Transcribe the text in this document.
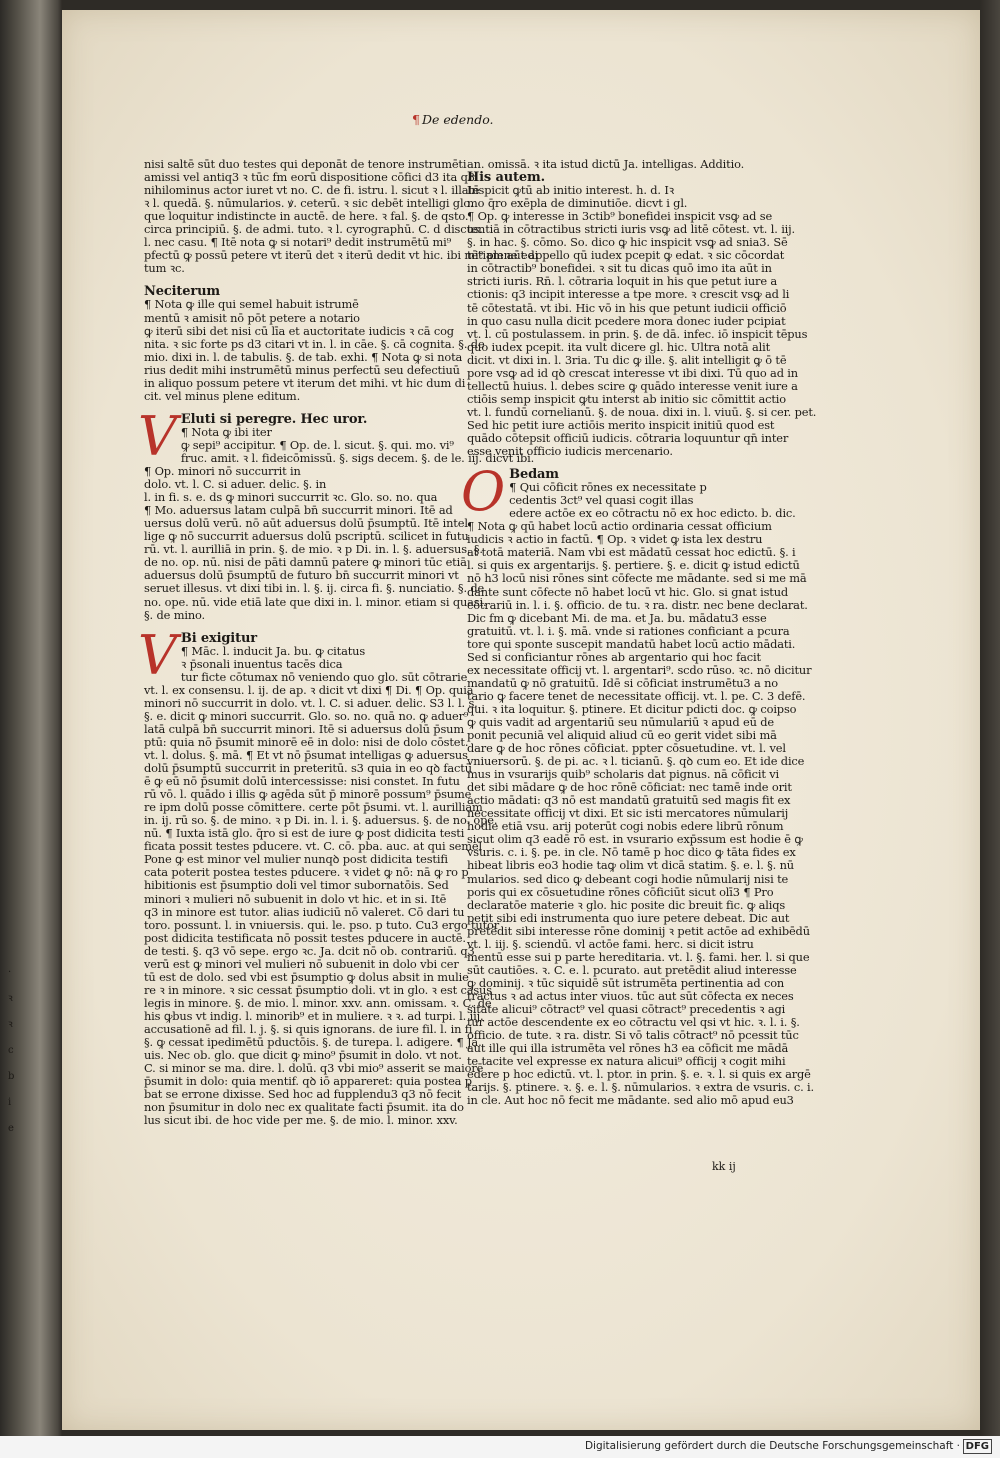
·
ꝛ
ꝛ
c
b
i
e
¶ De edendo.
nisi saltē sūt duo testes qui deponāt de tenore instrumēti
amissi vel antiq3 ꝛ tūc fm eorū dispositione cōfici d3 ita q3
nihilominus actor iuret vt no. C. de fi. istru. l. sicut ꝛ l. illatē
ꝛ l. quedā. §. nūmularios. ꝟ. ceterū. ꝛ sic debēt intelligi glo.
que loquitur indistincte in auctē. de here. ꝛ fal. §. de qsto.
circa principiū. §. de admi. tuto. ꝛ l. cyrographū. C. d discus.
l. nec casu. ¶ Itē nota ꝙ si notari⁹ dedit instrumētū mi⁹
pfectū ꝙ possū petere vt iterū det ꝛ iterū dedit vt hic. ibi mi⁹ plene edi
tum ꝛc.
Neciterum
¶ Nota ꝙ ille qui semel habuit istrumē
mentū ꝛ amisit nō pōt petere a notario
ꝙ iterū sibi det nisi cū līa et auctoritate iudicis ꝛ cā cog
nita. ꝛ sic forte ps d3 citari vt in. l. in cāe. §. cā cognita. §. de
mio. dixi in. l. de tabulis. §. de tab. exhi. ¶ Nota ꝙ si nota
rius dedit mihi instrumētū minus perfectū seu defectiuū
in aliquo possum petere vt iterum det mihi. vt hic dum di
cit. vel minus plene editum.
V Eluti si peregre. Hec uror.
¶ Nota ꝙ ibi iter
ꝙ sepi⁹ accipitur. ¶ Op. de. l. sicut. §. qui. mo. vi⁹
fruc. amit. ꝛ l. fideicōmissū. §. sigs decem. §. de le. iij. dicvt ibi.
¶ Op. minori nō succurrit in
dolo. vt. l. C. si aduer. delic. §. in
l. in fi. s. e. ds ꝙ minori succurrit ꝛc. Glo. so. no. qua
¶ Mo. aduersus latam culpā bn̄ succurrit minori. Itē ad
uersus dolū verū. nō aūt aduersus dolū p̄sumptū. Itē intel
lige ꝙ nō succurrit aduersus dolū pscriptū. scilicet in futu
rū. vt. l. aurilliā in prin. §. de mio. ꝛ p Di. in. l. §. aduersus. §.
de no. op. nū. nisi de pāti damnū patere ꝙ minori tūc etiā
aduersus dolū p̄sumptū de futuro bn̄ succurrit minori vt
seruet illesus. vt dixi tibi in. l. §. ij. circa fi. §. nunciatio. §. de
no. ope. nū. vide etiā late que dixi in. l. minor. etiam si quasi.
§. de mino.
V Bi exigitur
¶ Māc. l. inducit Ja. bu. ꝙ citatus
ꝛ p̄sonali inuentus tacēs dica
tur ficte cōtumax nō veniendo quo glo. sūt cōtrarie
vt. l. ex consensu. l. ij. de ap. ꝛ dicit vt dixi ¶ Di. ¶ Op. quia
minori nō succurrit in dolo. vt. l. C. si aduer. delic. S3 l. l. s.
§. e. dicit ꝙ minori succurrit. Glo. so. no. quā no. ꝙ aduer⁹
latā culpā bn̄ succurrit minori. Itē si aduersus dolū p̄sum
ptū: quia nō p̄sumit minorē eē in dolo: nisi de dolo cōstet.
vt. l. dolus. §. mā. ¶ Et vt nō p̄sumat intelligas ꝙ aduersus
dolū p̄sumptū succurrit in preteritū. s3 quia in eo qꝺ factū
ē ꝙ eū nō p̄sumit dolū intercessisse: nisi constet. In futu
rū vō. l. quādo i illis ꝙ agēda sūt p̄ minorē possum⁹ p̄sume
re ipm dolū posse cōmittere. certe pōt p̄sumi. vt. l. aurilliam
in. ij. rū so. §. de mino. ꝛ p Di. in. l. i. §. aduersus. §. de no. ope.
nū. ¶ Iuxta istā glo. q̄ro si est de iure ꝙ post didicita testi
ficata possit testes pducere. vt. C. cō. pba. auc. at qui semel
Pone ꝙ est minor vel mulier nunqꝺ post didicita testifi
cata poterit postea testes pducere. ꝛ videt ꝙ nō: nā ꝙ ro p
hibitionis est p̄sumptio doli vel timor subornatōis. Sed
minori ꝛ mulieri nō subuenit in dolo vt hic. et in si. Itē
q3 in minore est tutor. alias iudiciū nō valeret. Cō dari tu
toro. possunt. l. in vniuersis. qui. le. pso. p tuto. Cu3 ergo tutor
post didicita testificata nō possit testes pducere in auctē.
de testi. §. q3 vō sepe. ergo ꝛc. Ja. dcit nō ob. contrariū. q3
verū est ꝙ minori vel mulieri nō subuenit in dolo vbi cer
tū est de dolo. sed vbi est p̄sumptio ꝙ dolus absit in mulie
re ꝛ in minore. ꝛ sic cessat p̄sumptio doli. vt in glo. ꝛ est casus
legis in minore. §. de mio. l. minor. xxv. ann. omissam. ꝛ. C. de
his ꝙbus vt indig. l. minorib⁹ et in muliere. ꝛ ꝛ. ad turpi. l. iij.
accusationē ad fil. l. j. §. si quis ignorans. de iure fil. l. in fi
§. ꝙ cessat ipedimētū pductōis. §. de turepa. l. adigere. ¶ Ja.
uis. Nec ob. glo. que dicit ꝙ mino⁹ p̄sumit in dolo. vt not.
C. si minor se ma. dire. l. dolū. q3 vbi mio⁹ asserit se maiorē
p̄sumit in dolo: quia mentif. qꝺ iō appareret: quia postea p
bat se errone dixisse. Sed hoc ad fupplendu3 q3 nō fecit
non p̄sumitur in dolo nec ex qualitate facti p̄sumit. ita do
lus sicut ibi. de hoc vide per me. §. de mio. l. minor. xxv.
an. omissā. ꝛ ita istud dictū Ja. intelligas. Additio.
His autem.
Inspicit ꝙtū ab initio interest. h. d. Iꝛ
mo q̄ro exēpla de diminutiōe. dicvt i gl.
¶ Op. ꝙ interesse in 3ctib⁹ bonefidei inspicit vsꝙ ad se
tentiā in cōtractibus stricti iuris vsꝙ ad litē cōtest. vt. l. iij.
§. in hac. §. cōmo. So. dico ꝙ hic inspicit vsꝙ ad snia3. Sē
tētiam aūt appello qū iudex pcepit ꝙ edat. ꝛ sic cōcordat
in cōtractib⁹ bonefidei. ꝛ sit tu dicas quō imo ita aūt in
stricti iuris. Rn̄. l. cōtraria loquit in his que petut iure a
ctionis: q3 incipit interesse a tpe more. ꝛ crescit vsꝙ ad li
tē cōtestatā. vt ibi. Hic vō in his que petunt iudicii officiō
in quo casu nulla dicit pcedere mora donec iuder pcipiat
vt. l. cū postulassem. in prin. §. de dā. infec. iō inspicit tēpus
quo iudex pcepit. ita vult dicere gl. hic. Ultra notā alit
dicit. vt dixi in. l. 3ria. Tu dic ꝙ ille. §. alit intelligit ꝙ ō tē
pore vsꝙ ad id qꝺ crescat interesse vt ibi dixi. Tū quo ad in
tellectū huius. l. debes scire ꝙ quādo interesse venit iure a
ctiōis semp inspicit ꝙtu interst ab initio sic cōmittit actio
vt. l. fundū cornelianū. §. de noua. dixi in. l. viuū. §. si cer. pet.
Sed hic petit iure actiōis merito inspicit initiū quod est
quādo cōtepsit officiū iudicis. cōtraria loquuntur qn̄ inter
esse venit officio iudicis mercenario.
O Bedam
¶ Qui cōficit rōnes ex necessitate p
cedentis 3ct⁹ vel quasi cogit illas
edere actōe ex eo cōtractu nō ex hoc edicto. b. dic.
¶ Nota ꝙ qū habet locū actio ordinaria cessat officium
iudicis ꝛ actio in factū. ¶ Op. ꝛ videt ꝙ ista lex destru
at totā materiā. Nam vbi est mādatū cessat hoc edictū. §. i
l. si quis ex argentarijs. §. pertiere. §. e. dicit ꝙ istud edictū
nō h3 locū nisi rōnes sint cōfecte me mādante. sed si me mā
dante sunt cōfecte nō habet locū vt hic. Glo. si gnat istud
cōtrariū in. l. i. §. officio. de tu. ꝛ ra. distr. nec bene declarat.
Dic fm ꝙ dicebant Mi. de ma. et Ja. bu. mādatu3 esse
gratuitū. vt. l. i. §. mā. vnde si rationes conficiant a pcura
tore qui sponte suscepit mandatū habet locū actio mādati.
Sed si conficiantur rōnes ab argentario qui hoc facit
ex necessitate officij vt. l. argentari⁹. scdo rūso. ꝛc. nō dicitur
mandatū ꝙ nō gratuitū. Idē si cōficiat instrumētu3 a no
tario ꝙ facere tenet de necessitate officij. vt. l. pe. C. 3 defē.
qui. ꝛ ita loquitur. §. ptinere. Et dicitur pdicti doc. ꝙ coipso
ꝙ quis vadit ad argentariū seu nūmulariū ꝛ apud eū de
ponit pecuniā vel aliquid aliud cū eo gerit videt sibi mā
dare ꝙ de hoc rōnes cōficiat. ppter cōsuetudine. vt. l. vel
vniuersorū. §. de pi. ac. ꝛ l. ticianū. §. qꝺ cum eo. Et ide dice
mus in vsurarijs quib⁹ scholaris dat pignus. nā cōficit vi
det sibi mādare ꝙ de hoc rōnē cōficiat: nec tamē inde orit
actio mādati: q3 nō est mandatū gratuitū sed magis fit ex
necessitate officij vt dixi. Et sic isti mercatores nūmularij
hodie etiā vsu. arij poterūt cogi nobis edere librū rōnum
sicut olim q3 eadē rō est. in vsurario exp̄ssum est hodie ē ꝙ
vsuris. c. i. §. pe. in cle. Nō tamē p hoc dico ꝙ tāta fides ex
hibeat libris eo3 hodie taꝙ olim vt dicā statim. §. e. l. §. nū
mularios. sed dico ꝙ debeant cogi hodie nūmularij nisi te
poris qui ex cōsuetudine rōnes cōficiūt sicut olī3 ¶ Pro
declaratōe materie ꝛ glo. hic posite dic breuit fic. ꝙ aliqs
petit sibi edi instrumenta quo iure petere debeat. Dic aut
pretēdit sibi interesse rōne dominij ꝛ petit actōe ad exhibēdū
vt. l. iij. §. sciendū. vl actōe fami. herc. si dicit istru
mentū esse sui p parte hereditaria. vt. l. §. fami. her. l. si que
sūt cautiōes. ꝛ. C. e. l. pcurato. aut pretēdit aliud interesse
ꝙ dominij. ꝛ tūc siquidē sūt istrumēta pertinentia ad con
tractus ꝛ ad actus inter viuos. tūc aut sūt cōfecta ex neces
sitate alicui⁹ cōtract⁹ vel quasi cōtract⁹ precedentis ꝛ agi
tur actōe descendente ex eo cōtractu vel qsi vt hic. ꝛ. l. i. §.
officio. de tute. ꝛ ra. distr. Si vō talis cōtract⁹ nō pcessit tūc
aut ille qui illa istrumēta vel rōnes h3 ea cōficit me mādā
te tacite vel expresse ex natura alicui⁹ officij ꝛ cogit mihi
edere p hoc edictū. vt. l. ptor. in prin. §. e. ꝛ. l. si quis ex argē
tarijs. §. ptinere. ꝛ. §. e. l. §. nūmularios. ꝛ extra de vsuris. c. i.
in cle. Aut hoc nō fecit me mādante. sed alio mō apud eu3
kk ij
Digitalisierung gefördert durch die Deutsche Forschungsgemeinschaft · DFG
